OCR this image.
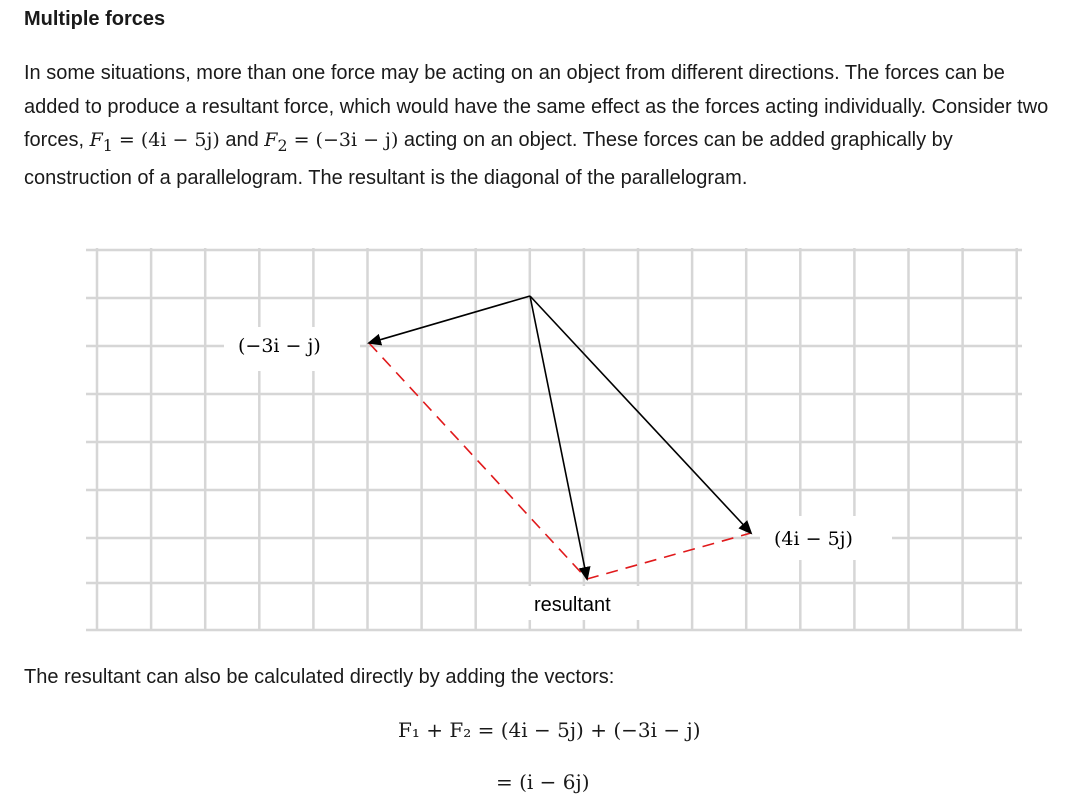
Multiple forces

In some situations, more than one force may be acting on an object from different directions. The forces can be added to produce a resultant force, which would have the same effect as the forces acting individually. Consider two forces, $F_1 = (4i - 5j)$ and $F_2 = (-3i - j)$ acting on an object. These forces can be added graphically by construction of a parallelogram. The resultant is the diagonal of the parallelogram.

(−3i − j)
(4i − 5j)
resultant

The resultant can also be calculated directly by adding the vectors:

F₁ + F₂ = (4i − 5j) + (−3i − j)
= (i − 6j)
